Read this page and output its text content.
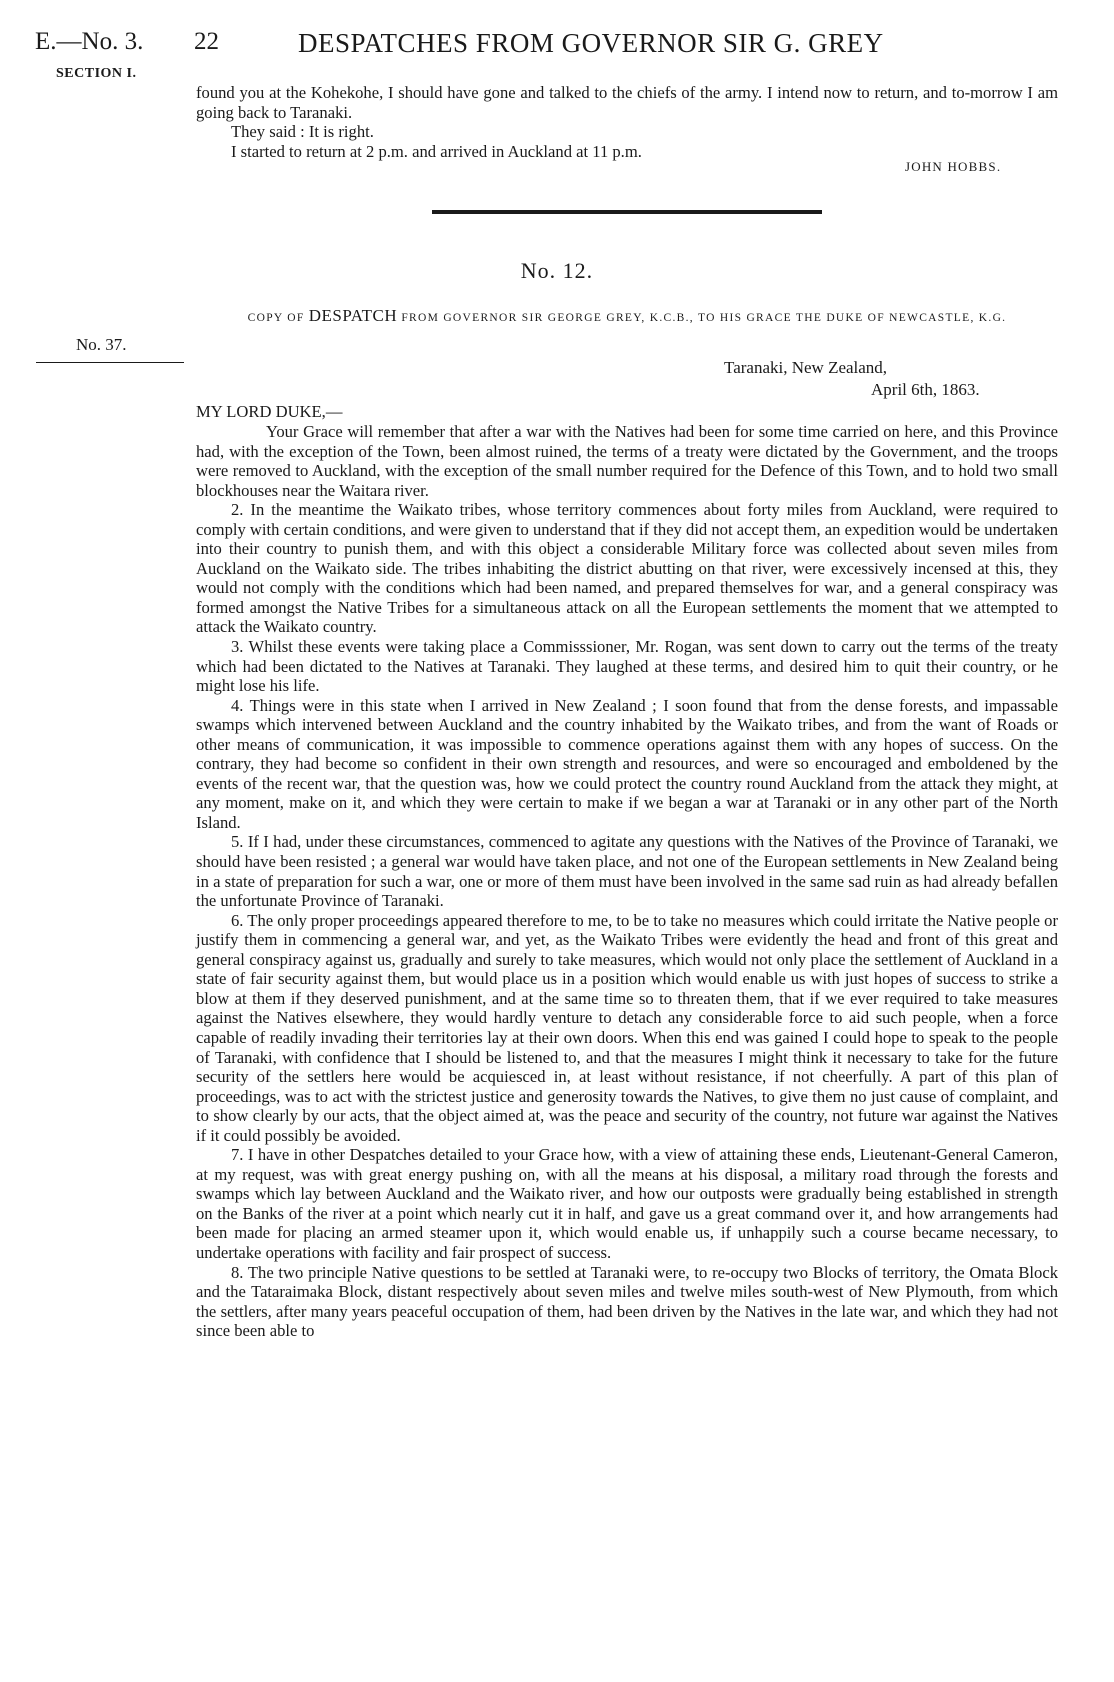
E.—No. 3.
SECTION I.
22	DESPATCHES FROM GOVERNOR SIR G. GREY

found you at the Kohekohe, I should have gone and talked to the chiefs of the army. I intend now to return, and to-morrow I am going back to Taranaki.

They said : It is right.

I started to return at 2 p.m. and arrived in Auckland at 11 p.m.

JOHN HOBBS.
No. 12.
COPY OF DESPATCH FROM GOVERNOR SIR GEORGE GREY, K.C.B., TO HIS GRACE THE DUKE OF NEWCASTLE, K.G.
No. 37.
Taranaki, New Zealand,
April 6th, 1863.
MY LORD DUKE,—

Your Grace will remember that after a war with the Natives had been for some time carried on here, and this Province had, with the exception of the Town, been almost ruined, the terms of a treaty were dictated by the Government, and the troops were removed to Auckland, with the exception of the small number required for the Defence of this Town, and to hold two small blockhouses near the Waitara river.

2. In the meantime the Waikato tribes, whose territory commences about forty miles from Auckland, were required to comply with certain conditions, and were given to understand that if they did not accept them, an expedition would be undertaken into their country to punish them, and with this object a considerable Military force was collected about seven miles from Auckland on the Waikato side. The tribes inhabiting the district abutting on that river, were excessively incensed at this, they would not comply with the conditions which had been named, and prepared themselves for war, and a general conspiracy was formed amongst the Native Tribes for a simultaneous attack on all the European settlements the moment that we attempted to attack the Waikato country.

3. Whilst these events were taking place a Commisssioner, Mr. Rogan, was sent down to carry out the terms of the treaty which had been dictated to the Natives at Taranaki. They laughed at these terms, and desired him to quit their country, or he might lose his life.

4. Things were in this state when I arrived in New Zealand ; I soon found that from the dense forests, and impassable swamps which intervened between Auckland and the country inhabited by the Waikato tribes, and from the want of Roads or other means of communication, it was impossible to commence operations against them with any hopes of success. On the contrary, they had become so confident in their own strength and resources, and were so encouraged and emboldened by the events of the recent war, that the question was, how we could protect the country round Auckland from the attack they might, at any moment, make on it, and which they were certain to make if we began a war at Taranaki or in any other part of the North Island.

5. If I had, under these circumstances, commenced to agitate any questions with the Natives of the Province of Taranaki, we should have been resisted ; a general war would have taken place, and not one of the European settlements in New Zealand being in a state of preparation for such a war, one or more of them must have been involved in the same sad ruin as had already befallen the unfortunate Province of Taranaki.

6. The only proper proceedings appeared therefore to me, to be to take no measures which could irritate the Native people or justify them in commencing a general war, and yet, as the Waikato Tribes were evidently the head and front of this great and general conspiracy against us, gradually and surely to take measures, which would not only place the settlement of Auckland in a state of fair security against them, but would place us in a position which would enable us with just hopes of success to strike a blow at them if they deserved punishment, and at the same time so to threaten them, that if we ever required to take measures against the Natives elsewhere, they would hardly venture to detach any considerable force to aid such people, when a force capable of readily invading their territories lay at their own doors. When this end was gained I could hope to speak to the people of Taranaki, with confidence that I should be listened to, and that the measures I might think it necessary to take for the future security of the settlers here would be acquiesced in, at least without resistance, if not cheerfully. A part of this plan of proceedings, was to act with the strictest justice and generosity towards the Natives, to give them no just cause of complaint, and to show clearly by our acts, that the object aimed at, was the peace and security of the country, not future war against the Natives if it could possibly be avoided.

7. I have in other Despatches detailed to your Grace how, with a view of attaining these ends, Lieutenant-General Cameron, at my request, was with great energy pushing on, with all the means at his disposal, a military road through the forests and swamps which lay between Auckland and the Waikato river, and how our outposts were gradually being established in strength on the Banks of the river at a point which nearly cut it in half, and gave us a great command over it, and how arrangements had been made for placing an armed steamer upon it, which would enable us, if unhappily such a course became necessary, to undertake operations with facility and fair prospect of success.

8. The two principle Native questions to be settled at Taranaki were, to re-occupy two Blocks of territory, the Omata Block and the Tataraimaka Block, distant respectively about seven miles and twelve miles south-west of New Plymouth, from which the settlers, after many years peaceful occupation of them, had been driven by the Natives in the late war, and which they had not since been able to
